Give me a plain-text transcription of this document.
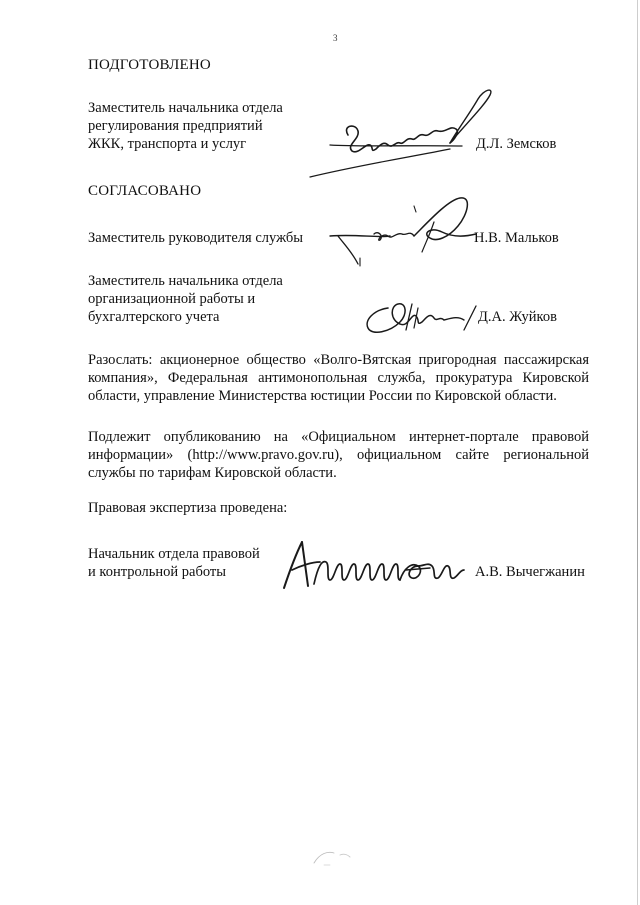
3
ПОДГОТОВЛЕНО
Заместитель начальника отдела
регулирования предприятий
ЖКК, транспорта и услуг	Д.Л. Земсков
СОГЛАСОВАНО
Заместитель руководителя службы	Н.В. Мальков
Заместитель начальника отдела
организационной работы и
бухгалтерского учета	Д.А. Жуйков
Разослать: акционерное общество «Волго-Вятская пригородная пассажирская компания», Федеральная антимонопольная служба, прокуратура Кировской области, управление Министерства юстиции России по Кировской области.
Подлежит опубликованию на «Официальном интернет-портале правовой информации» (http://www.pravo.gov.ru), официальном сайте региональной службы по тарифам Кировской области.
Правовая экспертиза проведена:
Начальник отдела правовой
и контрольной работы	А.В. Вычегжанин
